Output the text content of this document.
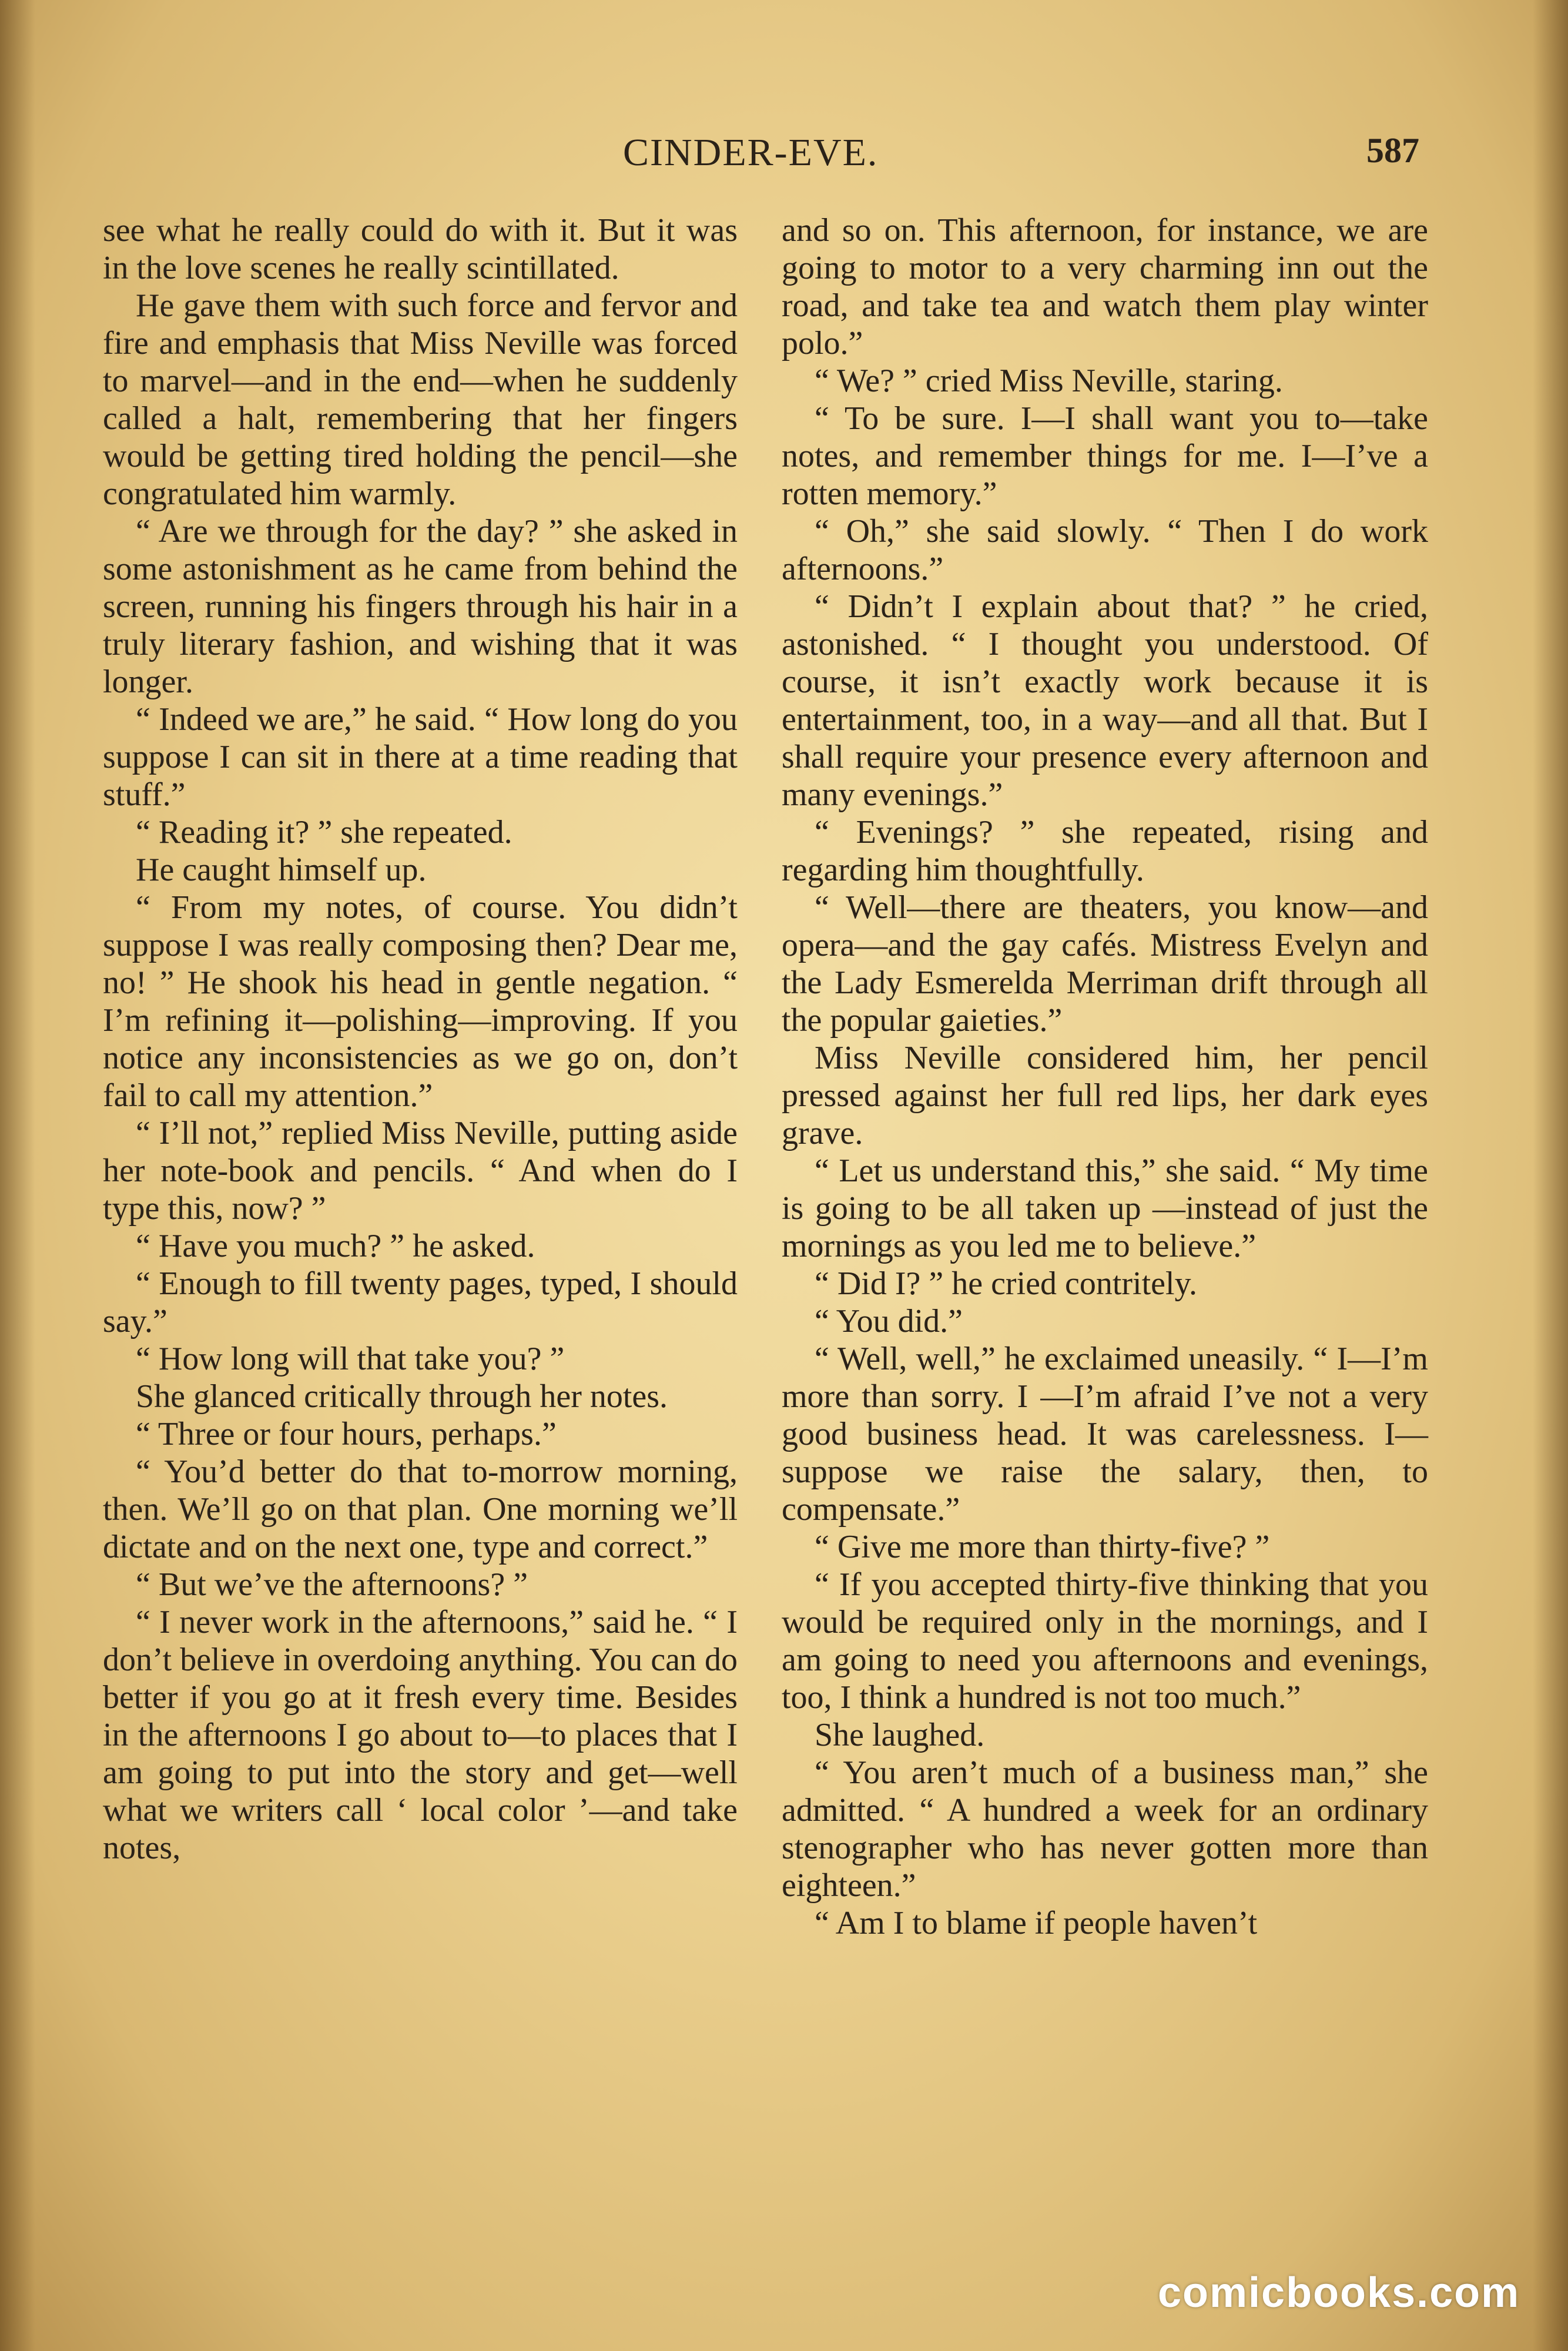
CINDER-EVE.	587

see what he really could do with it. But it was in the love scenes he really scintillated.

He gave them with such force and fervor and fire and emphasis that Miss Neville was forced to marvel—and in the end—when he suddenly called a halt, remembering that her fingers would be getting tired holding the pencil—she congratulated him warmly.

“ Are we through for the day? ” she asked in some astonishment as he came from behind the screen, running his fingers through his hair in a truly literary fashion, and wishing that it was longer.

“ Indeed we are,” he said. “ How long do you suppose I can sit in there at a time reading that stuff.”

“ Reading it? ” she repeated.

He caught himself up.

“ From my notes, of course. You didn’t suppose I was really composing then? Dear me, no! ” He shook his head in gentle negation. “ I’m refining it—polishing—improving. If you notice any inconsistencies as we go on, don’t fail to call my attention.”

“ I’ll not,” replied Miss Neville, putting aside her note-book and pencils. “ And when do I type this, now? ”

“ Have you much? ” he asked.

“ Enough to fill twenty pages, typed, I should say.”

“ How long will that take you? ”

She glanced critically through her notes.

“ Three or four hours, perhaps.”

“ You’d better do that to-morrow morning, then. We’ll go on that plan. One morning we’ll dictate and on the next one, type and correct.”

“ But we’ve the afternoons? ”

“ I never work in the afternoons,” said he. “ I don’t believe in overdoing anything. You can do better if you go at it fresh every time. Besides in the afternoons I go about to—to places that I am going to put into the story and get—well what we writers call ‘ local color ’—and take notes,

and so on. This afternoon, for instance, we are going to motor to a very charming inn out the road, and take tea and watch them play winter polo.”

“ We? ” cried Miss Neville, staring.

“ To be sure. I—I shall want you to—take notes, and remember things for me. I—I’ve a rotten memory.”

“ Oh,” she said slowly. “ Then I do work afternoons.”

“ Didn’t I explain about that? ” he cried, astonished. “ I thought you understood. Of course, it isn’t exactly work because it is entertainment, too, in a way—and all that. But I shall require your presence every afternoon and many evenings.”

“ Evenings? ” she repeated, rising and regarding him thoughtfully.

“ Well—there are theaters, you know—and opera—and the gay cafés. Mistress Evelyn and the Lady Esmerelda Merriman drift through all the popular gaieties.”

Miss Neville considered him, her pencil pressed against her full red lips, her dark eyes grave.

“ Let us understand this,” she said. “ My time is going to be all taken up —instead of just the mornings as you led me to believe.”

“ Did I? ” he cried contritely.

“ You did.”

“ Well, well,” he exclaimed uneasily. “ I—I’m more than sorry. I —I’m afraid I’ve not a very good business head. It was carelessness. I—suppose we raise the salary, then, to compensate.”

“ Give me more than thirty-five? ”

“ If you accepted thirty-five thinking that you would be required only in the mornings, and I am going to need you afternoons and evenings, too, I think a hundred is not too much.”

She laughed.

“ You aren’t much of a business man,” she admitted. “ A hundred a week for an ordinary stenographer who has never gotten more than eighteen.”

“ Am I to blame if people haven’t

comicbooks.com
